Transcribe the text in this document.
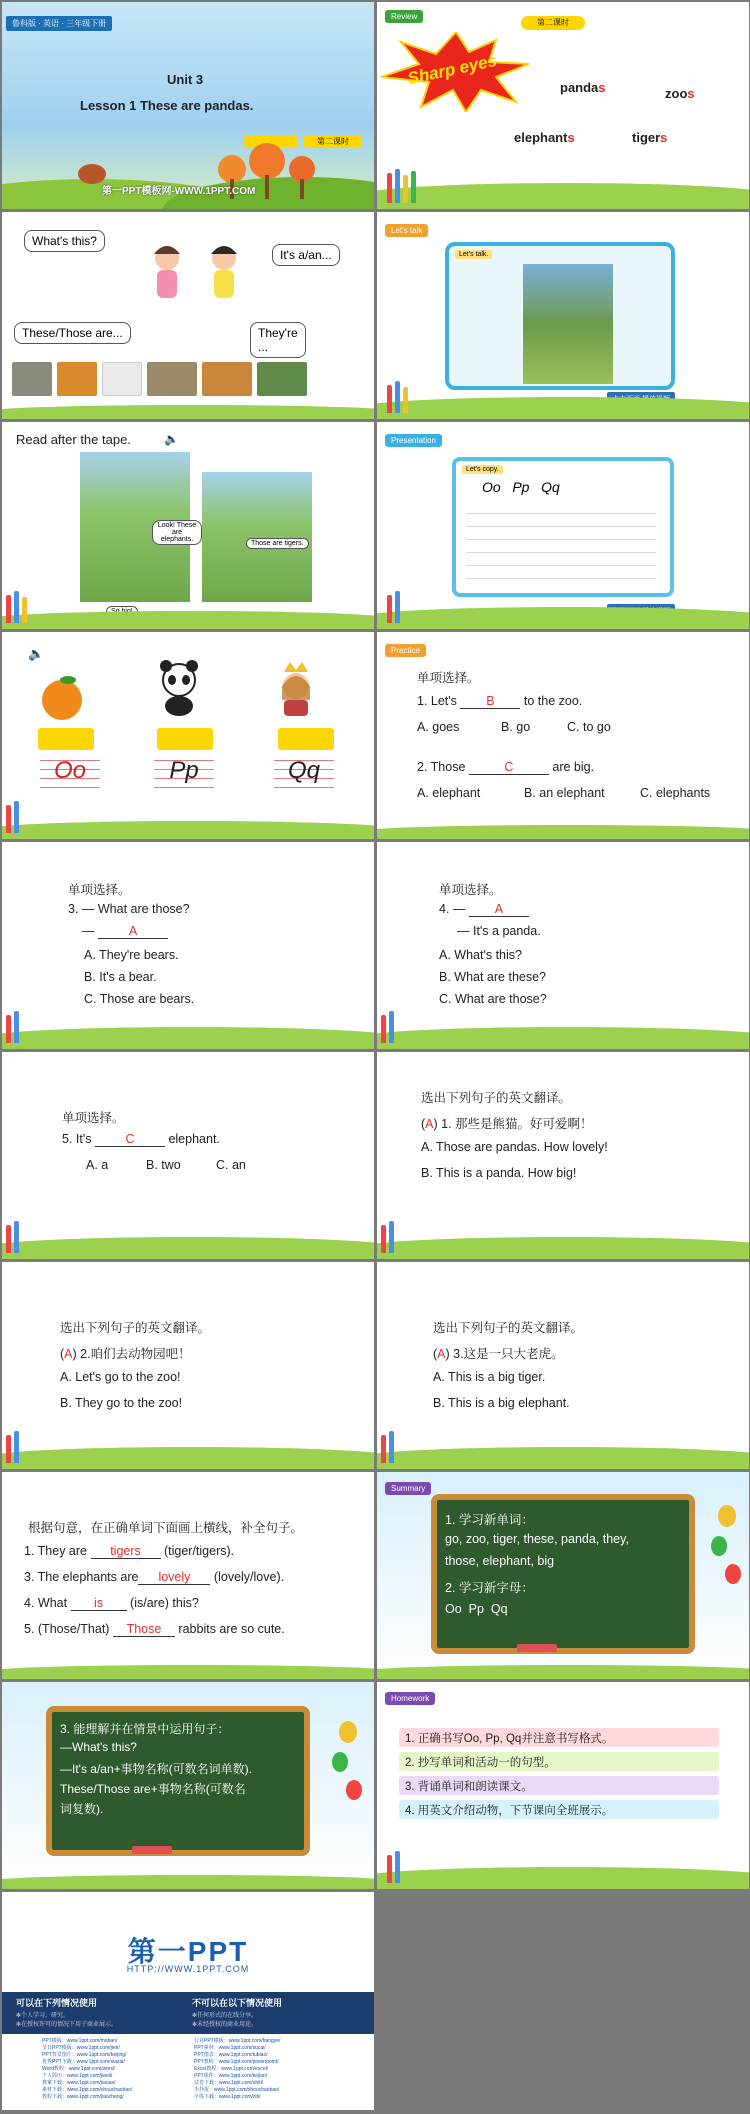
鲁科版 · 英语 · 三年级下册
Unit 3
Lesson 1 These are pandas.
第二课时
第一PPT模板网-WWW.1PPT.COM
Review
第二课时
Sharp eyes	pandas	zoos
elephants	tigers
What's this?
It's a/an...
These/Those are...	They're
...
Let's talk
Let's talk.
Read after the tape.	🔈
Look! These are elephants.
Those are tigers.
Presentation
Let's copy.
Oo   Pp   Qq
🔈
Oo	Pp	Qq
Practice
单项选择。
1. Let's B to the zoo.
A. goes	B. go	C. to go
2. Those	C	are big.
A. elephant	B. an elephant	C. elephants
单项选择。
3. — What are those?
—	A
A. They're bears.
B. It's a bear.
C. Those are bears.
单项选择。
4. — A
— It's a panda.
A. What's this?
B. What are these?
C. What are those?
单项选择。
5. It's	C	elephant.
A. a	B. two	C. an
选出下列句子的英文翻译。
(A) 1. 那些是熊猫。好可爱啊！
A. Those are pandas. How lovely!
B. This is a panda. How big!
选出下列句子的英文翻译。
(A) 2.咱们去动物园吧！
A. Let's go to the zoo!
B. They go to the zoo!
选出下列句子的英文翻译。
(A) 3.这是一只大老虎。
A. This is a big tiger.
B. This is a big elephant.
根据句意，在正确单词下面画上横线，补全句子。
1. They are tigers (tiger/tigers).
3. The elephants are lovely (lovely/love).
4. What is (is/are) this?
5. (Those/That) Those rabbits are so cute.
Summary
1. 学习新单词：
go, zoo, tiger, these, panda, they,
those, elephant, big
2. 学习新字母：
Oo  Pp  Qq
3. 能理解并在情景中运用句子：
—What's this?
—It's a/an+事物名称(可数名词单数).
These/Those are+事物名称(可数名
词复数).
Homework
1. 正确书写Oo, Pp, Qq并注意书写格式。
2. 抄写单词和活动一的句型。
3. 背诵单词和朗读课文。
4. 用英文介绍动物，下节课向全班展示。
第一PPT
HTTP://WWW.1PPT.COM
可以在下列情况使用
✻个人学习、研究。
✻在授权许可的情况下用于商业展示。
不可以在以下情况使用
✻任何形式的在线分享。
✻未经授权的商业用途。
PPT模板：www.1ppt.com/moban/
节日PPT模板：www.1ppt.com/jieri/
PPT背景图片：www.1ppt.com/beijing/
优秀PPT下载：www.1ppt.com/xiazai/
Word教程：www.1ppt.com/word/
个人简历：www.1ppt.com/jianli/
教案下载：www.1ppt.com/jiaoan/
素材下载：www.1ppt.com/shouchaobao/
教程下载：www.1ppt.com/jiaocheng/
行业PPT模板：www.1ppt.com/hangye/
PPT素材：www.1ppt.com/sucai/
PPT图表：www.1ppt.com/tubiao/
PPT教程：www.1ppt.com/powerpoint/
Excel教程：www.1ppt.com/excel/
PPT课件：www.1ppt.com/kejian/
试卷下载：www.1ppt.com/shiti/
手抄报：www.1ppt.com/shouchaobao/
字体下载：www.1ppt.com/ziti/
